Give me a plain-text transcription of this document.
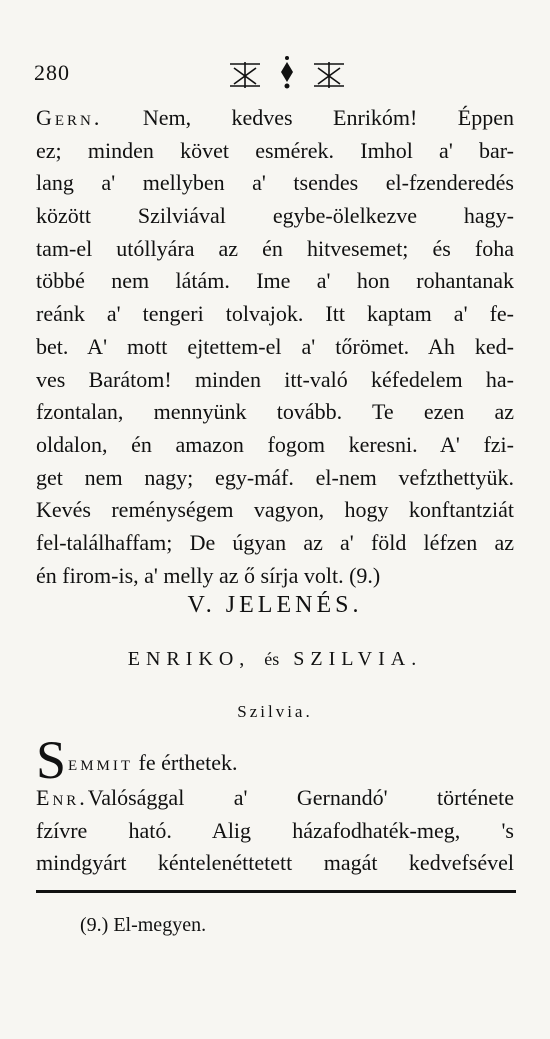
280
Gern. Nem, kedves Enrikóm! Éppen
ez; minden követ esmérek. Imhol a' bar-
lang a' mellyben a' tsendes el-fzenderedés
között Szilviával egybe-ölelkezve hagy-
tam-el utóllyára az én hitvesemet; és foha
többé nem látám. Ime a' hon rohantanak
reánk a' tengeri tolvajok. Itt kaptam a' fe-
bet. A' mott ejtettem-el a' tőrömet. Ah ked-
ves Barátom! minden itt-való kéfedelem ha-
fzontalan, mennyünk tovább. Te ezen az
oldalon, én amazon fogom keresni. A' fzi-
get nem nagy; egy-máf. el-nem vefzthettyük.
Kevés reménységem vagyon, hogy konftantziát
fel-találhaffam; De úgyan az a' föld léfzen az
én firom-is, a' melly az ő sírja volt. (9.)
V. JELENÉS.
ENRIKO, és SZILVIA.
Szilvia.
SEMMIT fe érthetek.
Enr.Valósággal a' Gernandó' története
fzívre ható. Alig házafodhaték-meg, 's
mindgyárt kéntelenéttetett magát kedvefsével
(9.) El-megyen.
